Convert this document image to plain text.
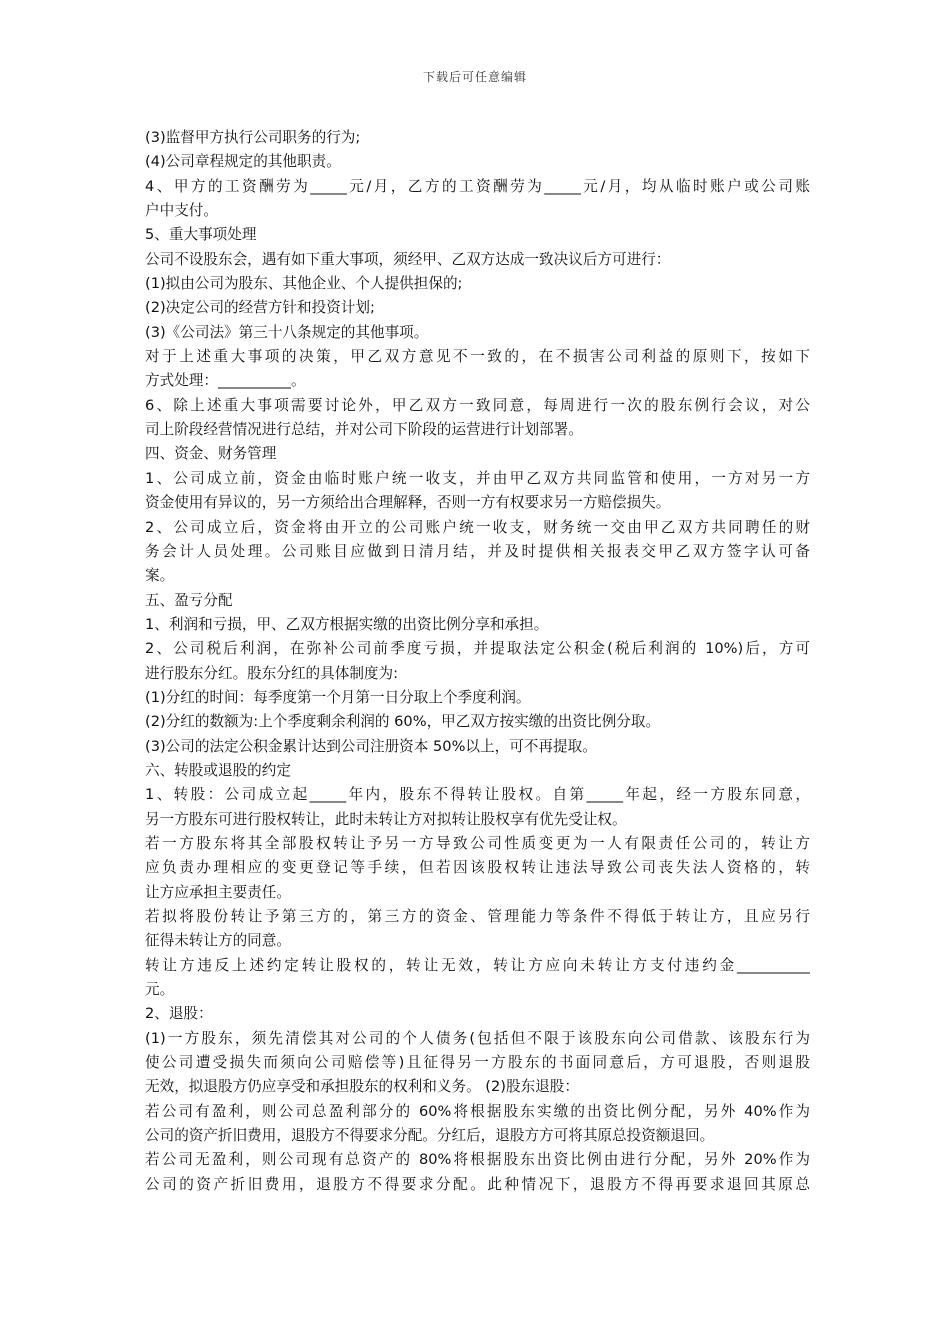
下载后可任意编辑
(3)监督甲方执行公司职务的行为;
(4)公司章程规定的其他职责。
4、甲方的工资酬劳为_____元/月，乙方的工资酬劳为_____元/月，均从临时账户或公司账
户中支付。
5、重大事项处理
公司不设股东会，遇有如下重大事项，须经甲、乙双方达成一致决议后方可进行：
(1)拟由公司为股东、其他企业、个人提供担保的;
(2)决定公司的经营方针和投资计划;
(3)《公司法》第三十八条规定的其他事项。
对于上述重大事项的决策，甲乙双方意见不一致的，在不损害公司利益的原则下，按如下
方式处理：__________。
6、除上述重大事项需要讨论外，甲乙双方一致同意，每周进行一次的股东例行会议，对公
司上阶段经营情况进行总结，并对公司下阶段的运营进行计划部署。
四、资金、财务管理
1、公司成立前，资金由临时账户统一收支，并由甲乙双方共同监管和使用，一方对另一方
资金使用有异议的，另一方须给出合理解释，否则一方有权要求另一方赔偿损失。
2、公司成立后，资金将由开立的公司账户统一收支，财务统一交由甲乙双方共同聘任的财
务会计人员处理。公司账目应做到日清月结，并及时提供相关报表交甲乙双方签字认可备
案。
五、盈亏分配
1、利润和亏损，甲、乙双方根据实缴的出资比例分享和承担。
2、公司税后利润，在弥补公司前季度亏损，并提取法定公积金(税后利润的 10%)后，方可
进行股东分红。股东分红的具体制度为:
(1)分红的时间：每季度第一个月第一日分取上个季度利润。
(2)分红的数额为:上个季度剩余利润的 60%，甲乙双方按实缴的出资比例分取。
(3)公司的法定公积金累计达到公司注册资本 50%以上，可不再提取。
六、转股或退股的约定
1、转股：公司成立起_____年内，股东不得转让股权。自第_____年起，经一方股东同意，
另一方股东可进行股权转让，此时未转让方对拟转让股权享有优先受让权。
若一方股东将其全部股权转让予另一方导致公司性质变更为一人有限责任公司的，转让方
应负责办理相应的变更登记等手续，但若因该股权转让违法导致公司丧失法人资格的，转
让方应承担主要责任。
若拟将股份转让予第三方的，第三方的资金、管理能力等条件不得低于转让方，且应另行
征得未转让方的同意。
转让方违反上述约定转让股权的，转让无效，转让方应向未转让方支付违约金__________
元。
2、退股：
(1)一方股东，须先清偿其对公司的个人债务(包括但不限于该股东向公司借款、该股东行为
使公司遭受损失而须向公司赔偿等)且征得另一方股东的书面同意后，方可退股，否则退股
无效，拟退股方仍应享受和承担股东的权利和义务。 (2)股东退股：
若公司有盈利，则公司总盈利部分的 60%将根据股东实缴的出资比例分配，另外 40%作为
公司的资产折旧费用，退股方不得要求分配。分红后，退股方方可将其原总投资额退回。
若公司无盈利，则公司现有总资产的 80%将根据股东出资比例由进行分配，另外 20%作为
公司的资产折旧费用，退股方不得要求分配。此种情况下，退股方不得再要求退回其原总
